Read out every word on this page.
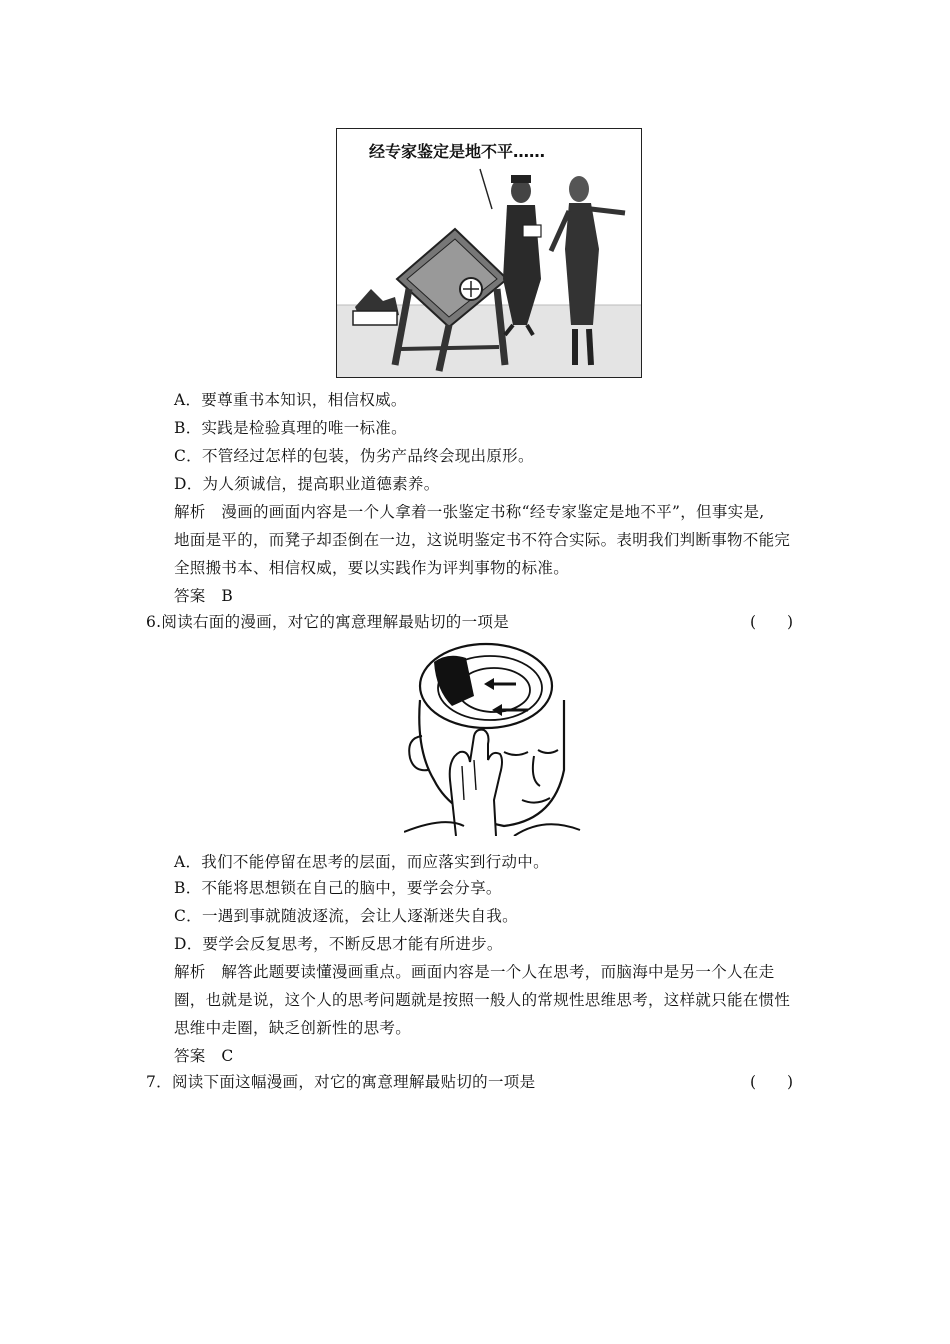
经专家鉴定是地不平……
A．要尊重书本知识，相信权威。
B．实践是检验真理的唯一标准。
C．不管经过怎样的包装，伪劣产品终会现出原形。
D．为人须诚信，提高职业道德素养。
解析　漫画的画面内容是一个人拿着一张鉴定书称“经专家鉴定是地不平”，但事实是,
地面是平的，而凳子却歪倒在一边，这说明鉴定书不符合实际。表明我们判断事物不能完
全照搬书本、相信权威，要以实践作为评判事物的标准。
答案　B
6.阅读右面的漫画，对它的寓意理解最贴切的一项是	(　　)
A．我们不能停留在思考的层面，而应落实到行动中。
B．不能将思想锁在自己的脑中，要学会分享。
C．一遇到事就随波逐流，会让人逐渐迷失自我。
D．要学会反复思考，不断反思才能有所进步。
解析　解答此题要读懂漫画重点。画面内容是一个人在思考，而脑海中是另一个人在走
圈，也就是说，这个人的思考问题就是按照一般人的常规性思维思考，这样就只能在惯性
思维中走圈，缺乏创新性的思考。
答案　C
7．阅读下面这幅漫画，对它的寓意理解最贴切的一项是	(　　)
